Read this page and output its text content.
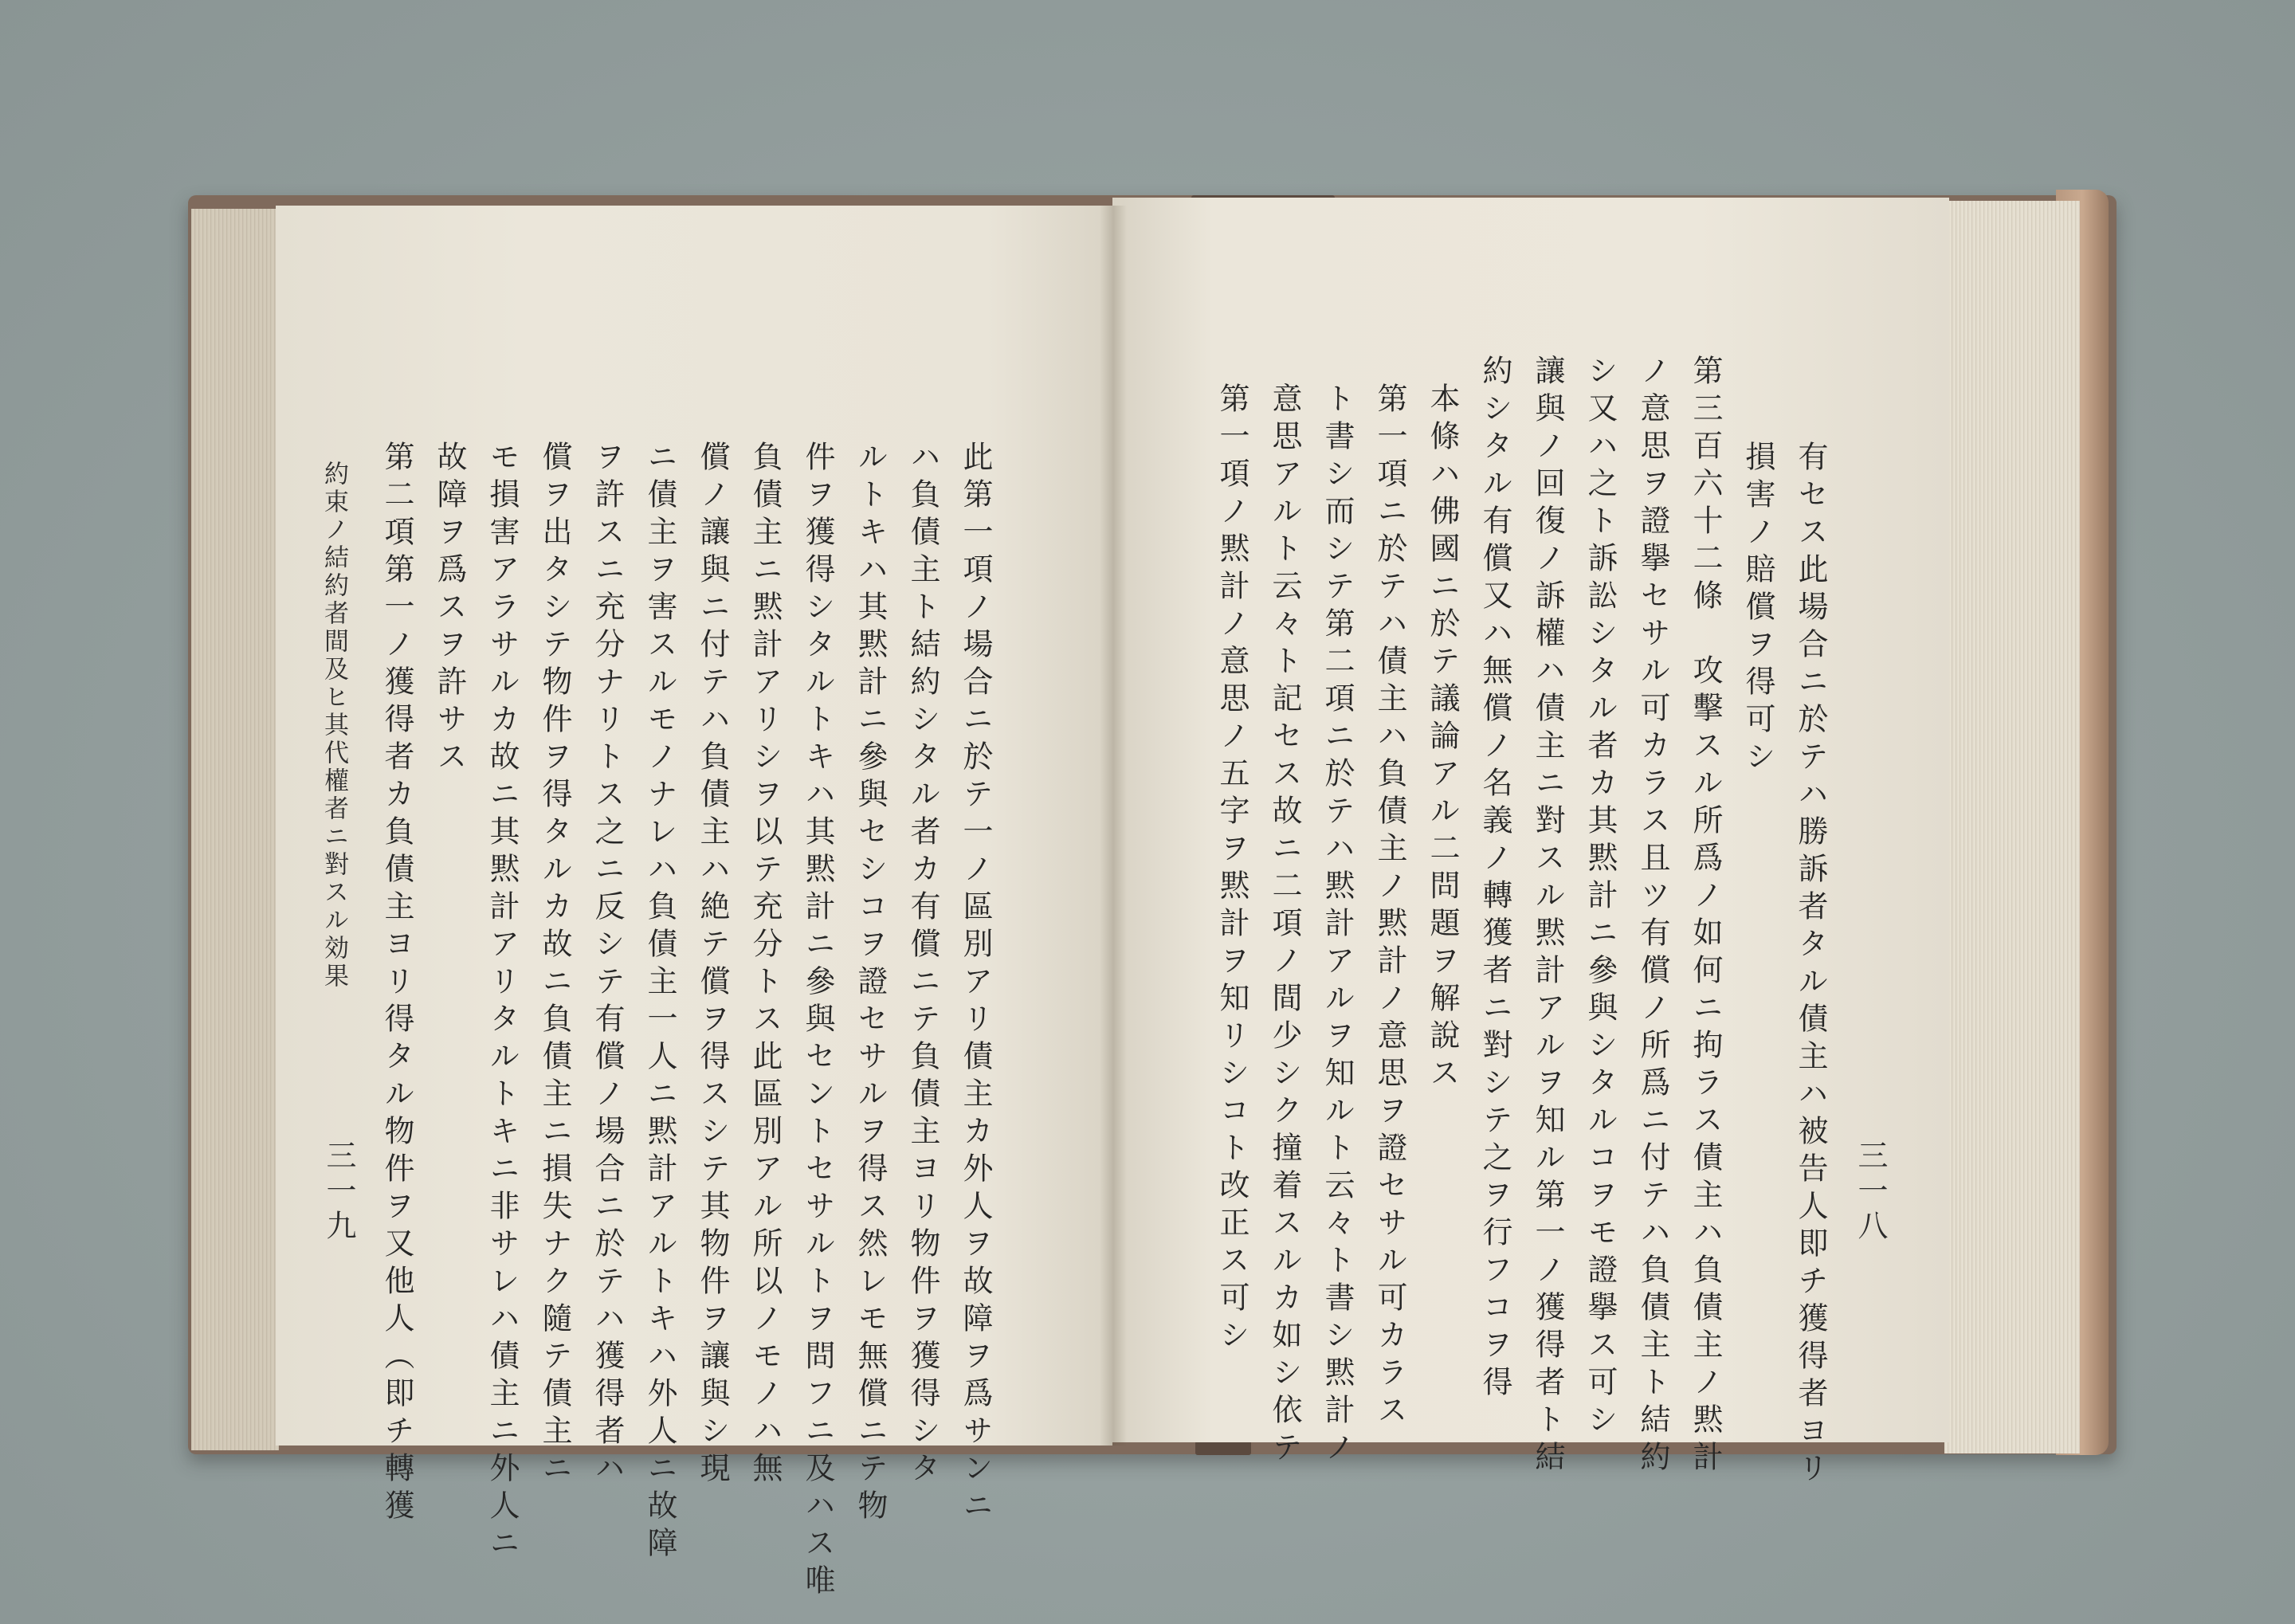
約束ノ結約者間及ヒ其代權者ニ對スル効果
三一九	此第一項ノ場合ニ於テ一ノ區別アリ債主カ外人ヲ故障ヲ爲サンニ
ハ負債主ト結約シタル者カ有償ニテ負債主ヨリ物件ヲ獲得シタ
ルトキハ其黙計ニ參與セシコヲ證セサルヲ得ス然レモ無償ニテ物
件ヲ獲得シタルトキハ其黙計ニ參與セントセサルトヲ問フニ及ハス唯
負債主ニ黙計アリシヲ以テ充分トス此區別アル所以ノモノハ無
償ノ讓與ニ付テハ負債主ハ絶テ償ヲ得スシテ其物件ヲ讓與シ現
ニ債主ヲ害スルモノナレハ負債主一人ニ黙計アルトキハ外人ニ故障
ヲ許スニ充分ナリトス之ニ反シテ有償ノ場合ニ於テハ獲得者ハ
償ヲ出タシテ物件ヲ得タルカ故ニ負債主ニ損失ナク隨テ債主ニ
モ損害アラサルカ故ニ其黙計アリタルトキニ非サレハ債主ニ外人ニ
故障ヲ爲スヲ許サス
第二項第一ノ獲得者カ負債主ヨリ得タル物件ヲ又他人（即チ轉獲	三一八
有セス此場合ニ於テハ勝訴者タル債主ハ被告人即チ獲得者ヨリ
損害ノ賠償ヲ得可シ
第三百六十二條　攻擊スル所爲ノ如何ニ拘ラス債主ハ負債主ノ黙計
ノ意思ヲ證擧セサル可カラス且ツ有償ノ所爲ニ付テハ負債主ト結約
シ又ハ之ト訴訟シタル者カ其黙計ニ參與シタルコヲモ證擧ス可シ
讓與ノ回復ノ訴權ハ債主ニ對スル黙計アルヲ知ル第一ノ獲得者ト結
約シタル有償又ハ無償ノ名義ノ轉獲者ニ對シテ之ヲ行フコヲ得
本條ハ佛國ニ於テ議論アル二問題ヲ解說ス
第一項ニ於テハ債主ハ負債主ノ黙計ノ意思ヲ證セサル可カラス
ト書シ而シテ第二項ニ於テハ黙計アルヲ知ルト云々ト書シ黙計ノ
意思アルト云々ト記セス故ニ二項ノ間少シク撞着スルカ如シ依テ
第一項ノ黙計ノ意思ノ五字ヲ黙計ヲ知リシコト改正ス可シ
